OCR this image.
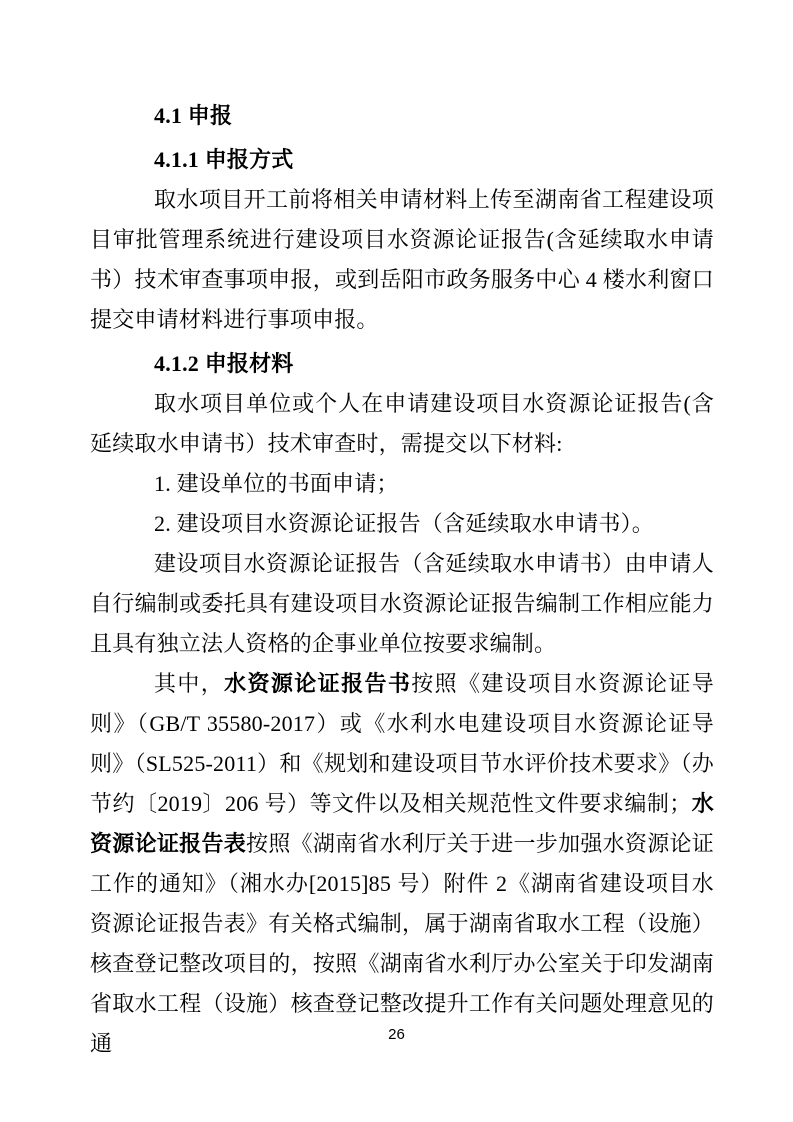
4.1 申报
4.1.1 申报方式
取水项目开工前将相关申请材料上传至湖南省工程建设项目审批管理系统进行建设项目水资源论证报告(含延续取水申请书）技术审查事项申报，或到岳阳市政务服务中心 4 楼水利窗口提交申请材料进行事项申报。
4.1.2 申报材料
取水项目单位或个人在申请建设项目水资源论证报告(含延续取水申请书）技术审查时，需提交以下材料:
1. 建设单位的书面申请；
2. 建设项目水资源论证报告（含延续取水申请书）。
建设项目水资源论证报告（含延续取水申请书）由申请人自行编制或委托具有建设项目水资源论证报告编制工作相应能力且具有独立法人资格的企事业单位按要求编制。
其中，水资源论证报告书按照《建设项目水资源论证导则》（GB/T 35580-2017）或《水利水电建设项目水资源论证导则》（SL525-2011）和《规划和建设项目节水评价技术要求》（办节约〔2019〕206 号）等文件以及相关规范性文件要求编制；水资源论证报告表按照《湖南省水利厅关于进一步加强水资源论证工作的通知》（湘水办[2015]85 号）附件 2《湖南省建设项目水资源论证报告表》有关格式编制，属于湖南省取水工程（设施）核查登记整改项目的，按照《湖南省水利厅办公室关于印发湖南省取水工程（设施）核查登记整改提升工作有关问题处理意见的通	26
